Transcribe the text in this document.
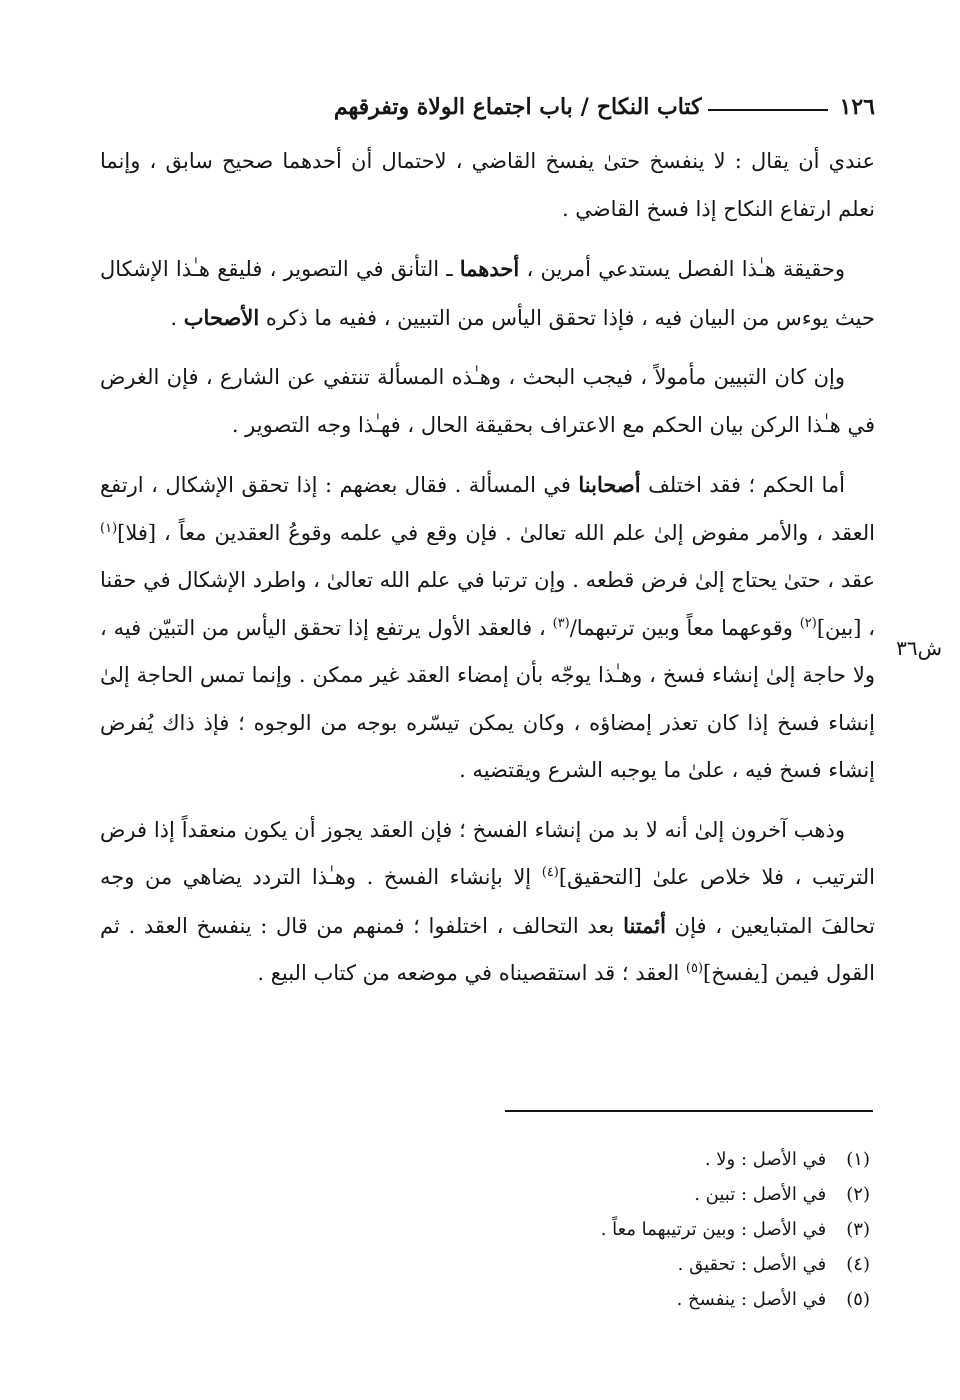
١٢٦
كتاب النكاح
/
باب اجتماع الولاة وتفرقهم
ش٣٦

عندي أن يقال : لا ينفسخ حتىٰ يفسخ القاضي ، لاحتمال أن أحدهما صحيح سابق ، وإنما نعلم ارتفاع النكاح إذا فسخ القاضي .

وحقيقة هـٰذا الفصل يستدعي أمرين ، أحدهما ـ التأنق في التصوير ، فليقع هـٰذا الإشكال حيث يوءس من البيان فيه ، فإذا تحقق اليأس من التبيين ، ففيه ما ذكره الأصحاب .

وإن كان التبيين مأمولاً ، فيجب البحث ، وهـٰذه المسألة تنتفي عن الشارع ، فإن الغرض في هـٰذا الركن بيان الحكم مع الاعتراف بحقيقة الحال ، فهـٰذا وجه التصوير .

أما الحكم ؛ فقد اختلف أصحابنا في المسألة . فقال بعضهم : إذا تحقق الإشكال ، ارتفع العقد ، والأمر مفوض إلىٰ علم الله تعالىٰ . فإن وقع في علمه وقوعُ العقدين معاً ، [فلا]$^{(١)}$ عقد ، حتىٰ يحتاج إلىٰ فرض قطعه . وإن ترتبا في علم الله تعالىٰ ، واطرد الإشكال في حقنا ، [بين]$^{(٢)}$ وقوعهما معاً وبين ترتبهما/$^{(٣)}$ ، فالعقد الأول يرتفع إذا تحقق اليأس من التبيّن فيه ، ولا حاجة إلىٰ إنشاء فسخ ، وهـٰذا يوجّه بأن إمضاء العقد غير ممكن . وإنما تمس الحاجة إلىٰ إنشاء فسخ إذا كان تعذر إمضاؤه ، وكان يمكن تيسّره بوجه من الوجوه ؛ فإذ ذاك يُفرض إنشاء فسخ فيه ، علىٰ ما يوجبه الشرع ويقتضيه .

وذهب آخرون إلىٰ أنه لا بد من إنشاء الفسخ ؛ فإن العقد يجوز أن يكون منعقداً إذا فرض الترتيب ، فلا خلاص علىٰ [التحقيق]$^{(٤)}$ إلا بإنشاء الفسخ . وهـٰذا التردد يضاهي من وجه تحالفَ المتبايعين ، فإن أئمتنا بعد التحالف ، اختلفوا ؛ فمنهم من قال : ينفسخ العقد . ثم القول فيمن [يفسخ]$^{(٥)}$ العقد ؛ قد استقصيناه في موضعه من كتاب البيع .

(١) في الأصل : ولا .
(٢) في الأصل : تبين .
(٣) في الأصل : وبين ترتيبهما معاً .
(٤) في الأصل : تحقيق .
(٥) في الأصل : ينفسخ .
